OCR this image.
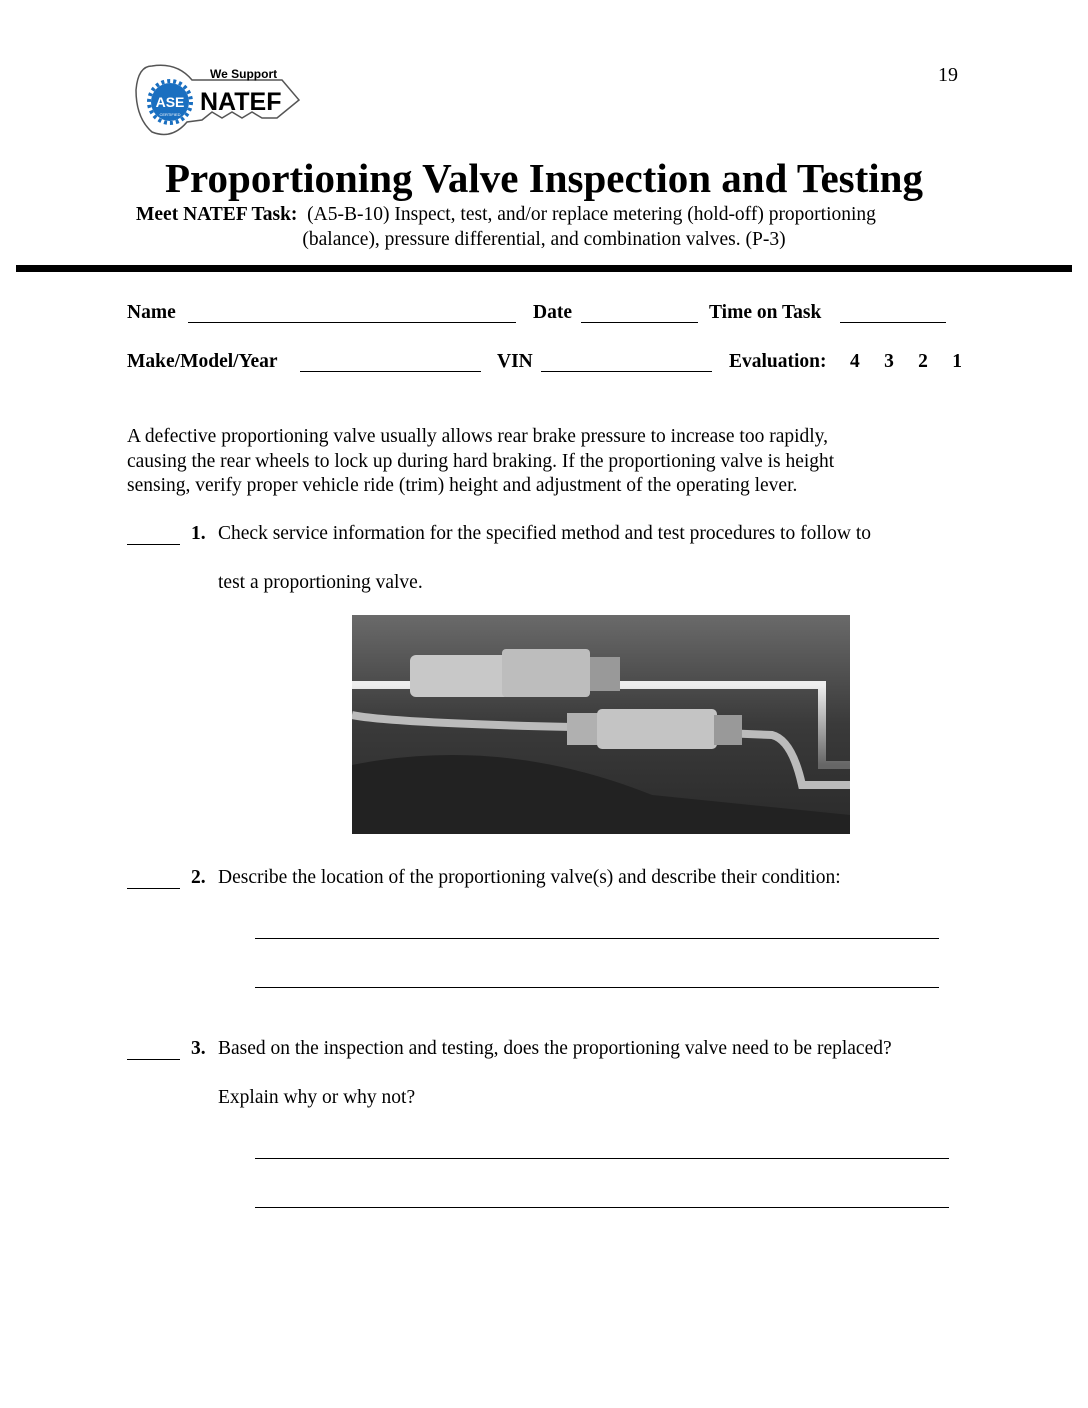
19
ASE
CERTIFIED
We Support
NATEF
Proportioning Valve Inspection and Testing
Meet NATEF Task: (A5-B-10) Inspect, test, and/or replace metering (hold-off) proportioning
(balance), pressure differential, and combination valves. (P-3)
Name	Date	Time on Task
Make/Model/Year	VIN	Evaluation: 4 3 2 1
A defective proportioning valve usually allows rear brake pressure to increase too rapidly,
causing the rear wheels to lock up during hard braking. If the proportioning valve is height
sensing, verify proper vehicle ride (trim) height and adjustment of the operating lever.
1. Check service information for the specified method and test procedures to follow to
test a proportioning valve.
2. Describe the location of the proportioning valve(s) and describe their condition:
3. Based on the inspection and testing, does the proportioning valve need to be replaced?
Explain why or why not?
